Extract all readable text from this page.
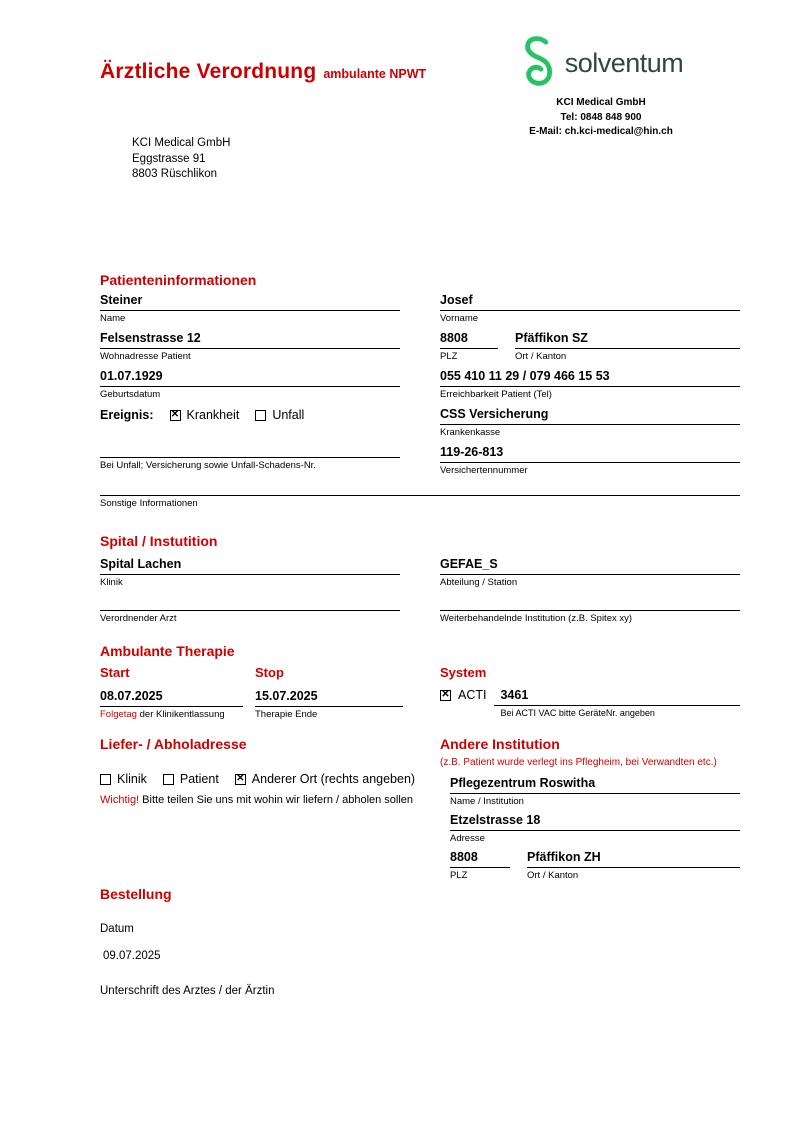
Ärztliche Verordnung ambulante NPWT	solventum
KCI Medical GmbH
Tel: 0848 848 900
E-Mail: ch.kci-medical@hin.ch
KCI Medical GmbH
Eggstrasse 91
8803 Rüschlikon
Patienteninformationen
Steiner
Name
Josef
Vorname
Felsenstrasse 12
Wohnadresse Patient
8808
PLZ
Pfäffikon SZ
Ort / Kanton
01.07.1929
Geburtsdatum
055 410 11 29 / 079 466 15 53
Erreichbarkeit Patient (Tel)
Ereignis: ✕	Krankheit	Unfall
Bei Unfall; Versicherung sowie Unfall-Schadens-Nr.
CSS Versicherung
Krankenkasse
119-26-813
Versichertennummer
Sonstige Informationen
Spital / Instutition
Spital Lachen
Klinik
GEFAE_S
Abteilung / Station
Verordnender Arzt	Weiterbehandelnde Institution (z.B. Spitex xy)
Ambulante Therapie
Start	Stop	System
08.07.2025
Folgetag der Klinikentlassung
15.07.2025
Therapie Ende
✕
ACTI	3461
Bei ACTI VAC bitte GeräteNr. angeben
Liefer- / Abholadresse
Klinik	Patient ✕	Anderer Ort (rechts angeben)
Wichtig! Bitte teilen Sie uns mit wohin wir liefern / abholen sollen
Andere Institution
(z.B. Patient wurde verlegt ins Pflegheim, bei Verwandten etc.)
Pflegezentrum Roswitha
Name / Institution
Etzelstrasse 18
Adresse
8808
PLZ
Pfäffikon ZH
Ort / Kanton
Bestellung
Datum
09.07.2025
Unterschrift des Arztes / der Ärztin
